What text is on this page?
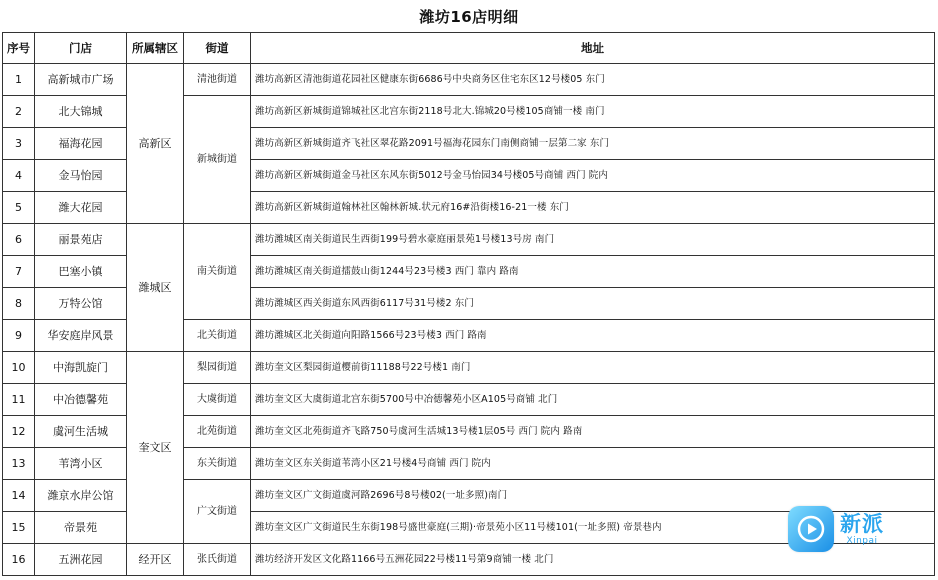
潍坊16店明细
序号	门店	所属辖区	街道	地址
1	高新城市广场	高新区	清池街道	潍坊高新区清池街道花园社区健康东街6686号中央商务区住宅东区12号楼05 东门
2	北大锦城		新城街道	潍坊高新区新城街道锦城社区北宫东街2118号北大.锦城20号楼105商铺一楼 南门
3	福海花园			潍坊高新区新城街道齐飞社区翠花路2091号福海花园东门南侧商铺一层第二家 东门
4	金马怡园			潍坊高新区新城街道金马社区东风东街5012号金马怡园34号楼05号商铺 西门 院内
5	潍大花园			潍坊高新区新城街道翰林社区翰林新城.状元府16#沿街楼16-21一楼 东门
6	丽景苑店	潍城区	南关街道	潍坊潍城区南关街道民生西街199号碧水豪庭丽景苑1号楼13号房 南门
7	巴塞小镇			潍坊潍城区南关街道擂鼓山街1244号23号楼3 西门 靠内 路南
8	万特公馆			潍坊潍城区西关街道东风西街6117号31号楼2 东门
9	华安庭岸风景		北关街道	潍坊潍城区北关街道向阳路1566号23号楼3 西门 路南
10	中海凯旋门	奎文区	梨园街道	潍坊奎文区梨园街道樱前街11188号22号楼1 南门
11	中冶德馨苑		大虞街道	潍坊奎文区大虞街道北宫东街5700号中冶德馨苑小区A105号商铺 北门
12	虞河生活城		北苑街道	潍坊奎文区北苑街道齐飞路750号虞河生活城13号楼1层05号 西门 院内 路南
13	苇湾小区		东关街道	潍坊奎文区东关街道苇湾小区21号楼4号商铺 西门 院内
14	潍京水岸公馆		广文街道	潍坊奎文区广文街道虞河路2696号8号楼02(一址多照)南门
15	帝景苑			潍坊奎文区广文街道民生东街198号盛世豪庭(三期)·帝景苑小区11号楼101(一址多照) 帝景巷内
16	五洲花园	经开区	张氏街道	潍坊经济开发区文化路1166号五洲花园22号楼11号第9商铺一楼 北门
新派
Xinpai
